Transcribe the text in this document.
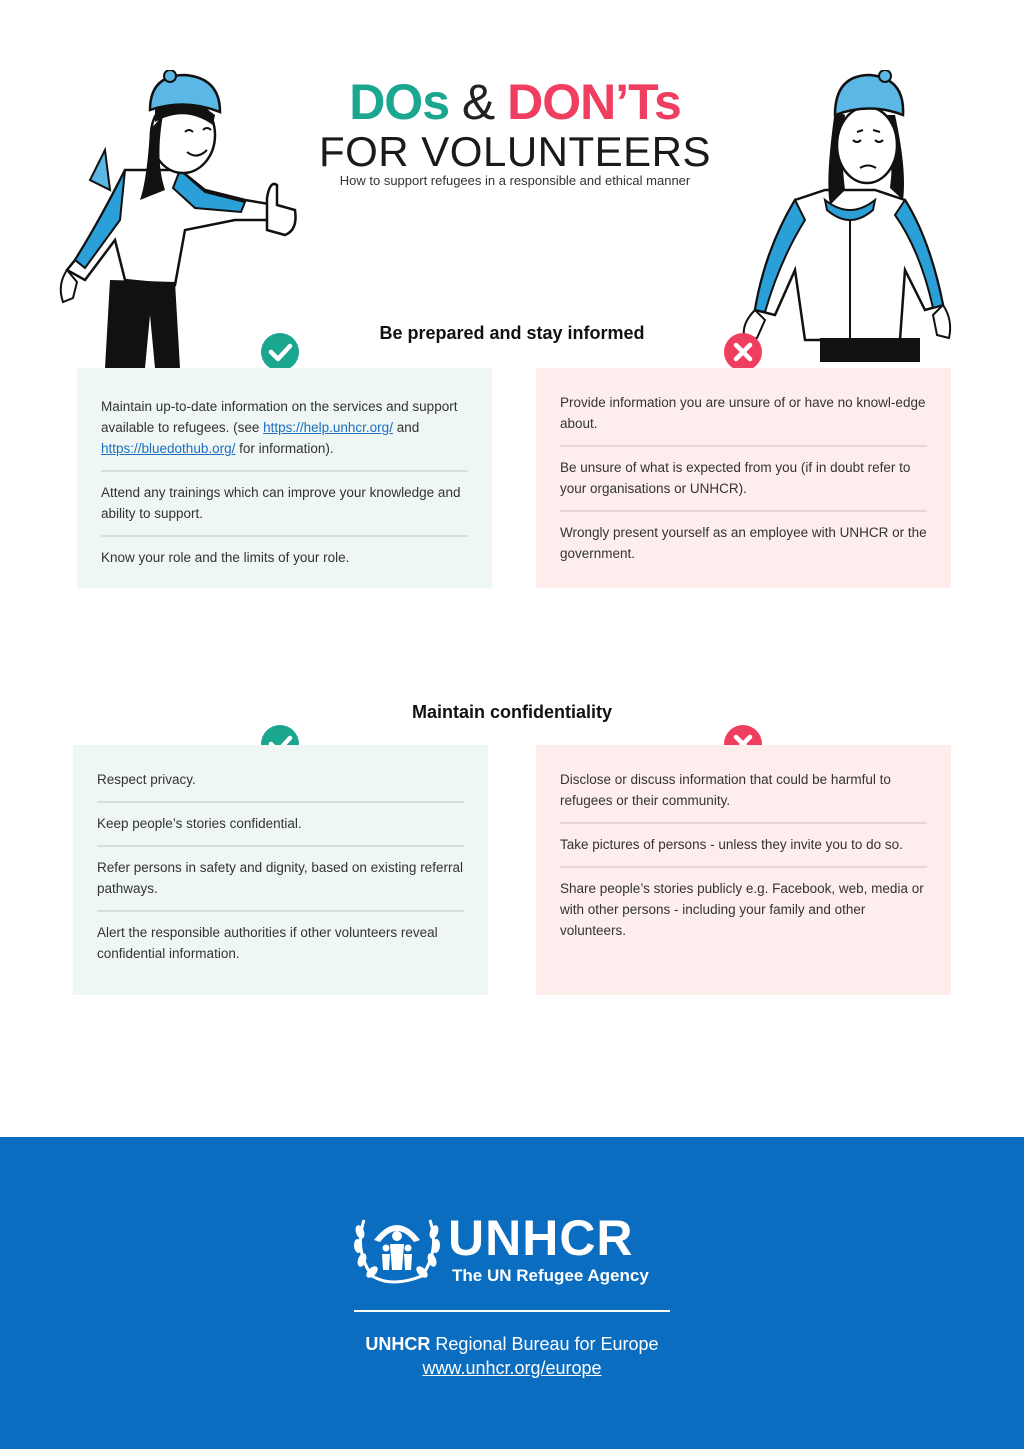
DOs & DON’Ts
FOR VOLUNTEERS
How to support refugees in a responsible and ethical manner
Be prepared and stay informed
Maintain up-to-date information on the services and support available to refugees. (see https://help.unhcr.org/ and https://bluedothub.org/ for information).
Attend any trainings which can improve your knowledge and ability to support.
Know your role and the limits of your role.
Provide information you are unsure of or have no knowl-edge about.
Be unsure of what is expected from you (if in doubt refer to your organisations or UNHCR).
Wrongly present yourself as an employee with UNHCR or the government.
Maintain confidentiality
Respect privacy.
Keep people’s stories confidential.
Refer persons in safety and dignity, based on existing referral pathways.
Alert the responsible authorities if other volunteers reveal confidential information.
Disclose or discuss information that could be harmful to refugees or their community.
Take pictures of persons - unless they invite you to do so.
Share people’s stories publicly e.g. Facebook, web, media or with other persons - including your family and other volunteers.
UNHCR
The UN Refugee Agency
UNHCR Regional Bureau for Europe
www.unhcr.org/europe
